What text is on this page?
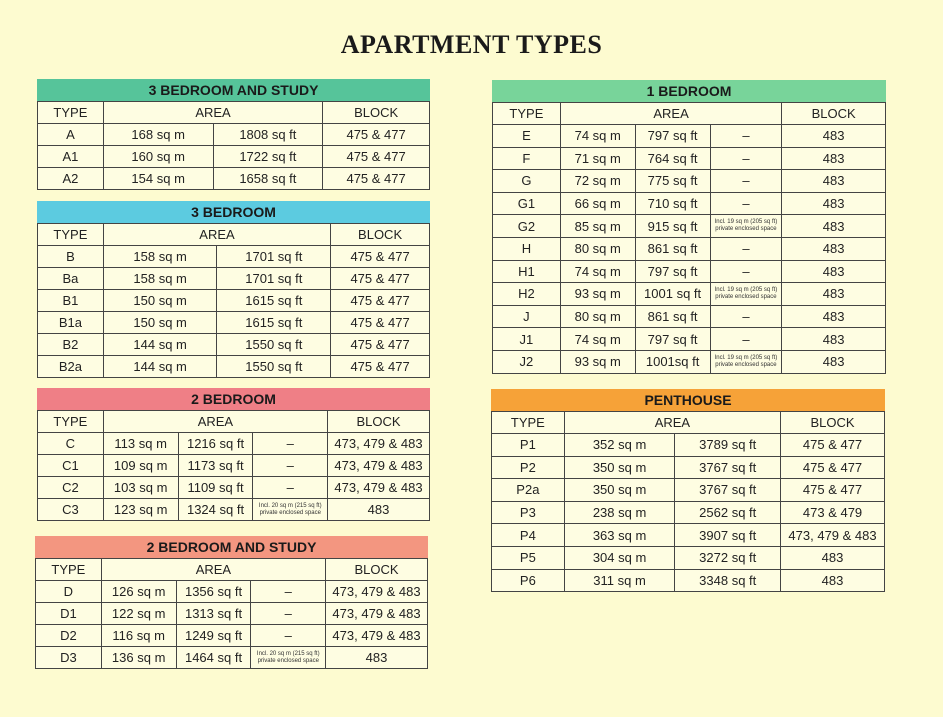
APARTMENT TYPES
3 BEDROOM AND STUDY
TYPE	AREA		BLOCK
A	168 sq m	1808 sq ft	475 & 477
A1	160 sq m	1722 sq ft	475 & 477
A2	154 sq m	1658 sq ft	475 & 477
3 BEDROOM
TYPE	AREA		BLOCK
B	158 sq m	1701 sq ft	475 & 477
Ba	158 sq m	1701 sq ft	475 & 477
B1	150 sq m	1615 sq ft	475 & 477
B1a	150 sq m	1615 sq ft	475 & 477
B2	144 sq m	1550 sq ft	475 & 477
B2a	144 sq m	1550 sq ft	475 & 477
2 BEDROOM
TYPE	AREA			BLOCK
C	113 sq m	1216 sq ft	–	473, 479 & 483
C1	109 sq m	1173 sq ft	–	473, 479 & 483
C2	103 sq m	1109 sq ft	–	473, 479 & 483
C3	123 sq m	1324 sq ft	Incl. 20 sq m (215 sq ft) private enclosed space	483
2 BEDROOM AND STUDY
TYPE	AREA			BLOCK
D	126 sq m	1356 sq ft	–	473, 479 & 483
D1	122 sq m	1313 sq ft	–	473, 479 & 483
D2	116 sq m	1249 sq ft	–	473, 479 & 483
D3	136 sq m	1464 sq ft	Incl. 20 sq m (215 sq ft) private enclosed space	483
1 BEDROOM
TYPE	AREA			BLOCK
E	74 sq m	797 sq ft	–	483
F	71 sq m	764 sq ft	–	483
G	72 sq m	775 sq ft	–	483
G1	66 sq m	710 sq ft	–	483
G2	85 sq m	915 sq ft	Incl. 19 sq m (205 sq ft) private enclosed space	483
H	80 sq m	861 sq ft	–	483
H1	74 sq m	797 sq ft	–	483
H2	93 sq m	1001 sq ft	Incl. 19 sq m (205 sq ft) private enclosed space	483
J	80 sq m	861 sq ft	–	483
J1	74 sq m	797 sq ft	–	483
J2	93 sq m	1001sq ft	Incl. 19 sq m (205 sq ft) private enclosed space	483
PENTHOUSE
TYPE	AREA		BLOCK
P1	352 sq m	3789 sq ft	475 & 477
P2	350 sq m	3767 sq ft	475 & 477
P2a	350 sq m	3767 sq ft	475 & 477
P3	238 sq m	2562 sq ft	473 & 479
P4	363 sq m	3907 sq ft	473, 479 & 483
P5	304 sq m	3272 sq ft	483
P6	311 sq m	3348 sq ft	483
